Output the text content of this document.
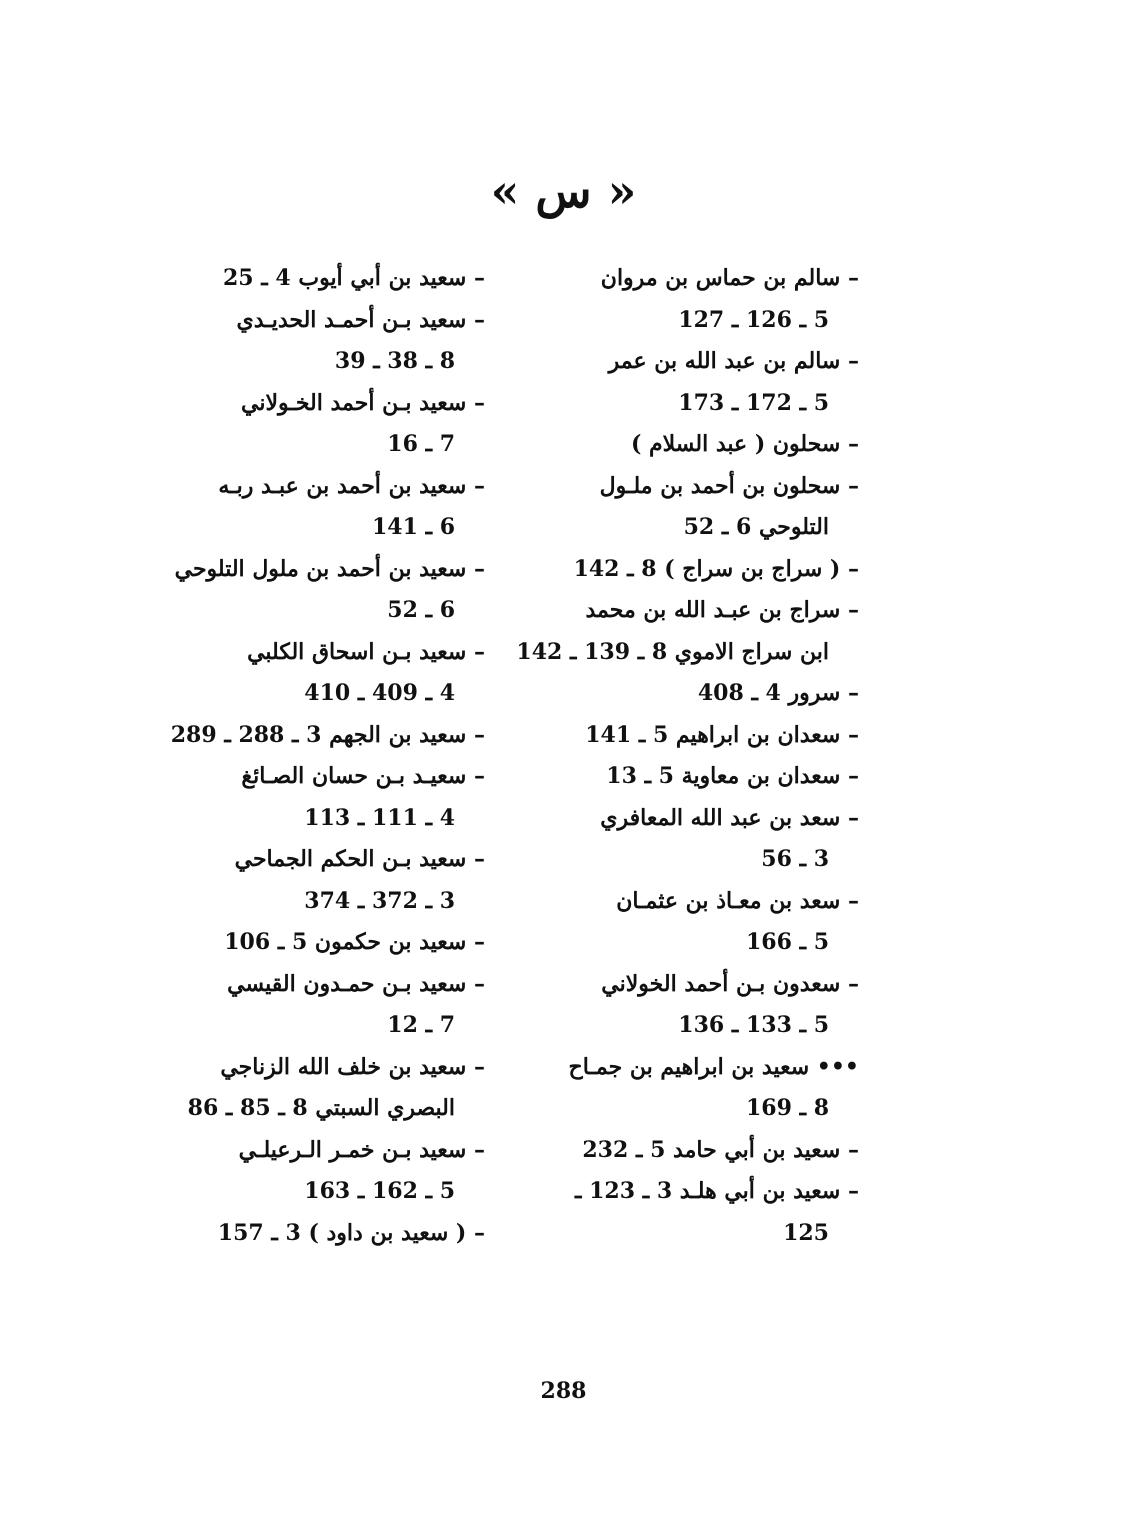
« س »
– سالم بن حماس بن مروان
5 ـ 126 ـ 127
– سالم بن عبد الله بن عمر
5 ـ 172 ـ 173
– سحلون ( عبد السلام )
– سحلون بن أحمد بن ملـول
التلوحي 6 ـ 52
– ( سراج بن سراج ) 8 ـ 142
– سراج بن عبـد الله بن محمد
ابن سراج الاموي 8 ـ 139 ـ 142
– سرور 4 ـ 408
– سعدان بن ابراهيم 5 ـ 141
– سعدان بن معاوية 5 ـ 13
– سعد بن عبد الله المعافري
3 ـ 56
– سعد بن معـاذ بن عثمـان
5 ـ 166
– سعدون بـن أحمد الخولاني
5 ـ 133 ـ 136
••• سعيد بن ابراهيم بن جمـاح
8 ـ 169
– سعيد بن أبي حامد 5 ـ 232
– سعيد بن أبي هلـد 3 ـ 123 ـ
125
– سعيد بن أبي أيوب 4 ـ 25
– سعيد بـن أحمـد الحديـدي
8 ـ 38 ـ 39
– سعيد بـن أحمد الخـولاني
7 ـ 16
– سعيد بن أحمد بن عبـد ربـه
6 ـ 141
– سعيد بن أحمد بن ملول التلوحي
6 ـ 52
– سعيد بـن اسحاق الكلبي
4 ـ 409 ـ 410
– سعيد بن الجهم 3 ـ 288 ـ 289
– سعيـد بـن حسان الصـائغ
4 ـ 111 ـ 113
– سعيد بـن الحكم الجماحي
3 ـ 372 ـ 374
– سعيد بن حكمون 5 ـ 106
– سعيد بـن حمـدون القيسي
7 ـ 12
– سعيد بن خلف الله الزناجي
البصري السبتي 8 ـ 85 ـ 86
– سعيد بـن خمـر الـرعيلـي
5 ـ 162 ـ 163
– ( سعيد بن داود ) 3 ـ 157
288
